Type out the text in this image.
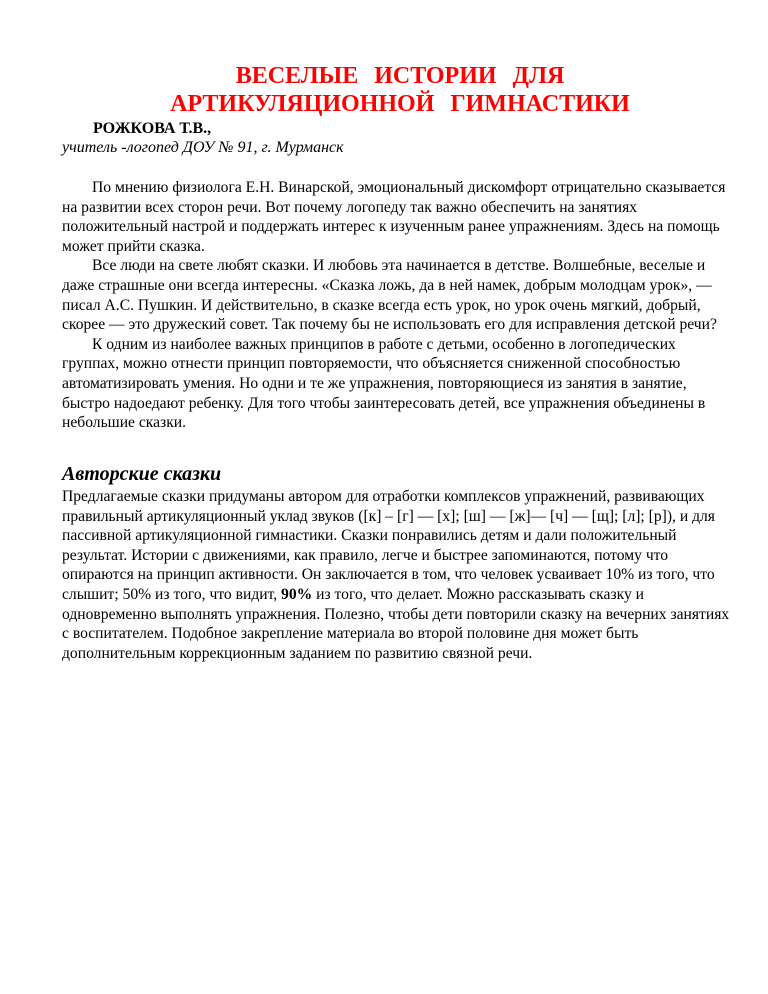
ВЕСЕЛЫЕ ИСТОРИИ ДЛЯ
АРТИКУЛЯЦИОННОЙ ГИМНАСТИКИ

РОЖКОВА Т.В.,

учитель -логопед ДОУ № 91, г. Мурманск

По мнению физиолога Е.Н. Винарской, эмоциональный дискомфорт отрицательно сказывается на развитии всех сторон речи. Вот почему логопеду так важно обеспечить на занятиях положительный настрой и поддержать интерес к изученным ранее упражнениям. Здесь на помощь может прийти сказка.

Все люди на свете любят сказки. И любовь эта начинается в детстве. Волшебные, веселые и даже страшные они всегда интересны. «Сказка ложь, да в ней намек, добрым молодцам урок», — писал А.С. Пушкин. И действительно, в сказке всегда есть урок, но урок очень мягкий, добрый, скорее — это дружеский совет. Так почему бы не использовать его для исправления детской речи?

К одним из наиболее важных принципов в работе с детьми, особенно в логопедических группах, можно отнести принцип повторяемости, что объясняется сниженной способностью автоматизировать умения. Но одни и те же упражнения, повторяющиеся из занятия в занятие, быстро надоедают ребенку. Для того чтобы заинтересовать детей, все упражнения объединены в небольшие сказки.

Авторские сказки

Предлагаемые сказки придуманы автором для отработки комплексов упражнений, развивающих правильный артикуляционный уклад звуков ([к] – [г] — [х]; [ш] — [ж]— [ч] — [щ]; [л]; [р]), и для пассивной артикуляционной гимнастики. Сказки понравились детям и дали положительный результат. Истории с движениями, как правило, легче и быстрее запоминаются, потому что опираются на принцип активности. Он заключается в том, что человек усваивает 10% из того, что слышит; 50% из того, что видит, 90% из того, что делает. Можно рассказывать сказку и одновременно выполнять упражнения. Полезно, чтобы дети повторили сказку на вечерних занятиях с воспитателем. Подобное закрепление материала во второй половине дня может быть дополнительным коррекционным заданием по развитию связной речи.
